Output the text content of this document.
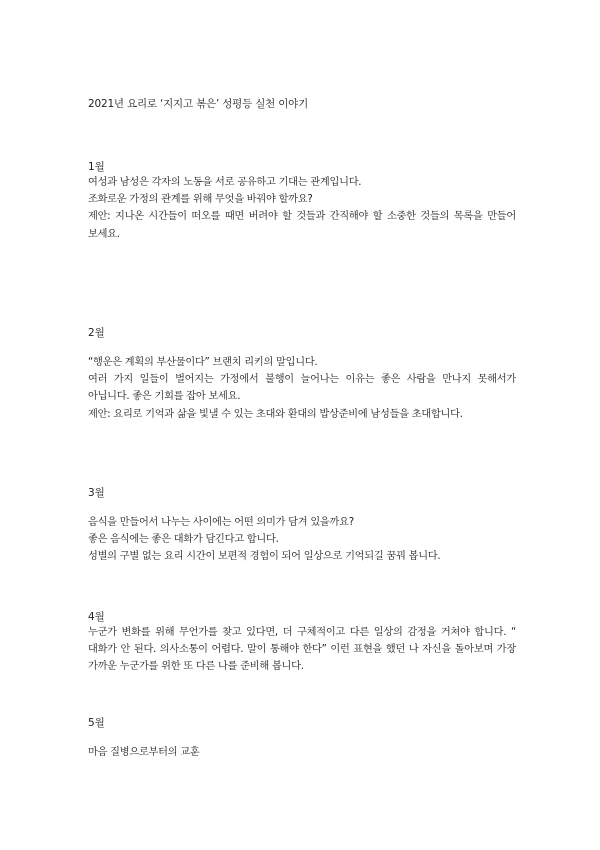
2021년 요리로 ‘지지고 볶은’ 성평등 실천 이야기

1월

여성과 남성은 각자의 노동을 서로 공유하고 기대는 관계입니다.

조화로운 가정의 관계를 위해 무엇을 바꿔야 할까요?

제안: 지나온 시간들이 떠오를 때면 버려야 할 것들과 간직해야 할 소중한 것들의 목록을 만들어 보세요.

2월

“행운은 계획의 부산물이다” 브랜치 리키의 말입니다.

여러 가지 일들이 벌어지는 가정에서 불행이 늘어나는 이유는 좋은 사람을 만나지 못해서가 아닙니다. 좋은 기회를 잡아 보세요.

제안: 요리로 기억과 삶을 빛낼 수 있는 초대와 환대의 밥상준비에 남성들을 초대합니다.

3월

음식을 만들어서 나누는 사이에는 어떤 의미가 담겨 있을까요?

좋은 음식에는 좋은 대화가 담긴다고 합니다.

성별의 구별 없는 요리 시간이 보편적 경험이 되어 일상으로 기억되길 꿈꿔 봅니다.

4월

누군가 변화를 위해 무언가를 찾고 있다면, 더 구체적이고 다른 일상의 감정을 거쳐야 합니다. “ 대화가 안 된다. 의사소통이 어렵다. 말이 통해야 한다” 이런 표현을 했던 나 자신을 돌아보며 가장 가까운 누군가를 위한 또 다른 나를 준비해 봅니다.

5월

마음 질병으로부터의 교훈
